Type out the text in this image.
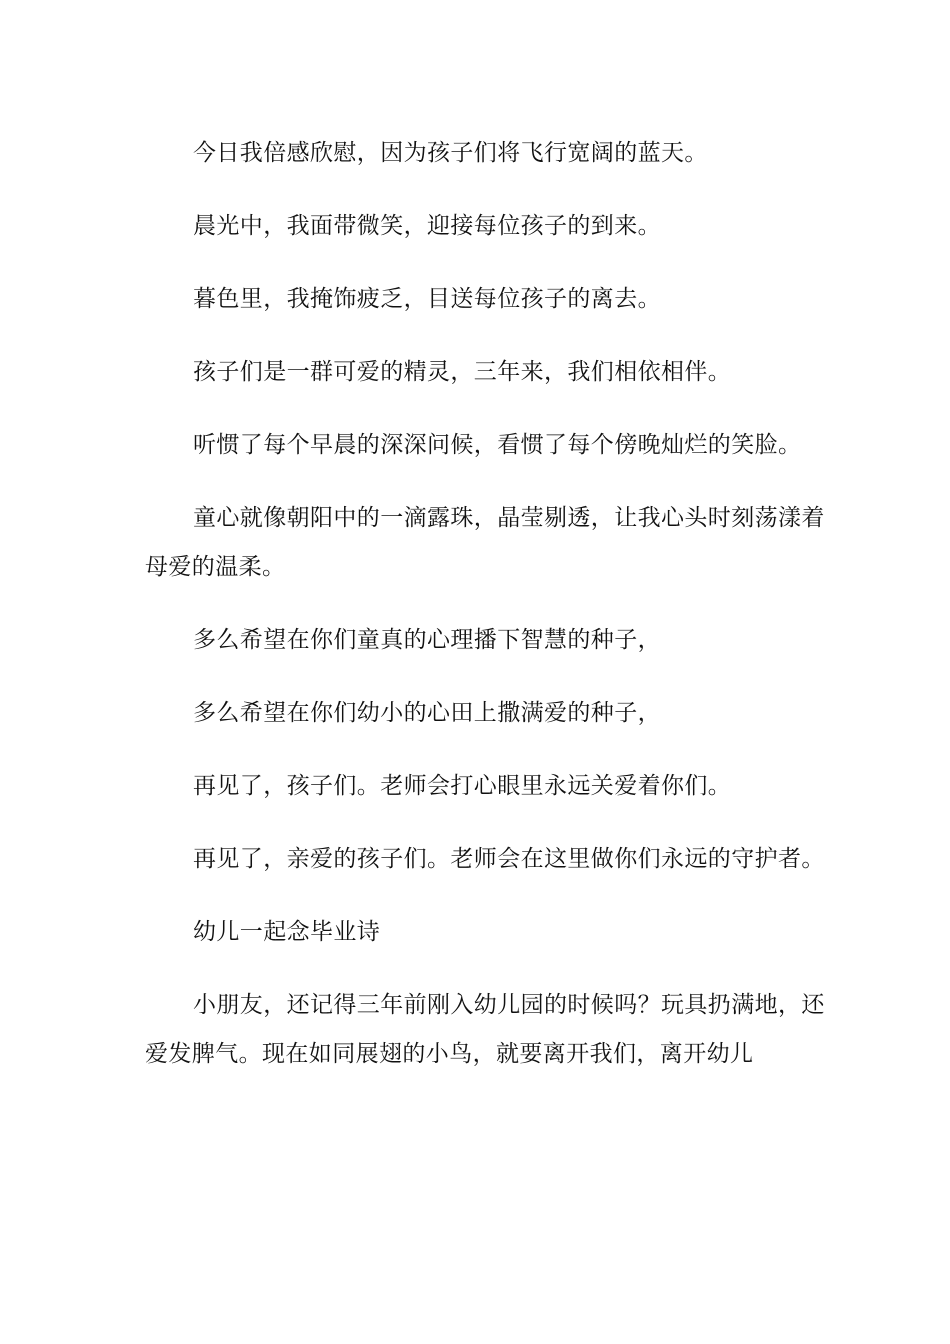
今日我倍感欣慰，因为孩子们将飞行宽阔的蓝天。

晨光中，我面带微笑，迎接每位孩子的到来。

暮色里，我掩饰疲乏，目送每位孩子的离去。

孩子们是一群可爱的精灵，三年来，我们相依相伴。

听惯了每个早晨的深深问候，看惯了每个傍晚灿烂的笑脸。

童心就像朝阳中的一滴露珠，晶莹剔透，让我心头时刻荡漾着母爱的温柔。

多么希望在你们童真的心理播下智慧的种子，

多么希望在你们幼小的心田上撒满爱的种子，

再见了，孩子们。老师会打心眼里永远关爱着你们。

再见了，亲爱的孩子们。老师会在这里做你们永远的守护者。

幼儿一起念毕业诗

小朋友，还记得三年前刚入幼儿园的时候吗？玩具扔满地，还爱发脾气。现在如同展翅的小鸟，就要离开我们，离开幼儿
